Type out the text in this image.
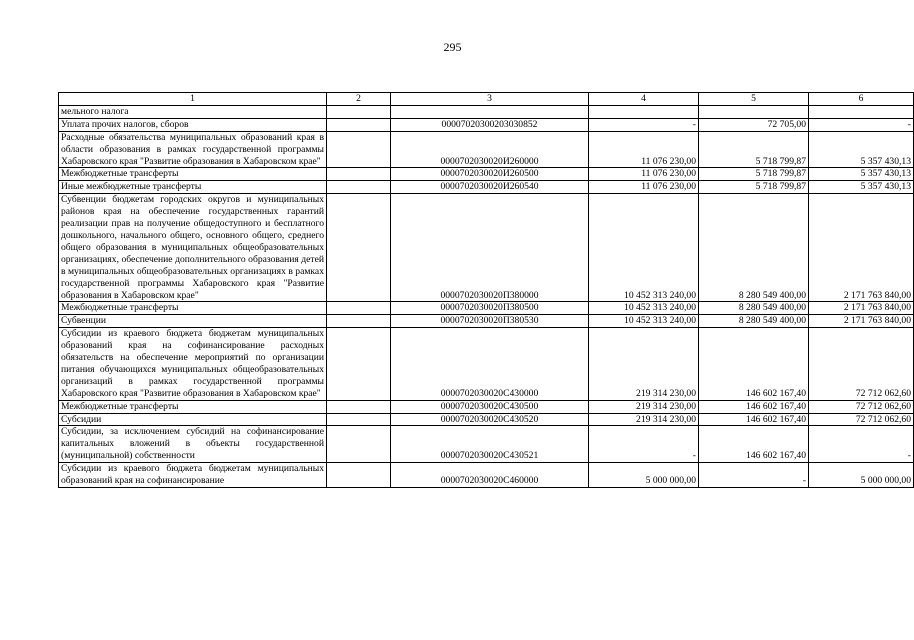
295
1	2	3	4	5	6
мельного налога					
Уплата прочих налогов, сборов		00007020300203030852	-	72 705,00	-
Расходные обязательства муниципальных образований края в области образования в рамках государственной программы Хабаровского края "Развитие образования в Хабаровском крае"		0000702030020И260000	11 076 230,00	5 718 799,87	5 357 430,13
Межбюджетные трансферты		0000702030020И260500	11 076 230,00	5 718 799,87	5 357 430,13
Иные межбюджетные трансферты		0000702030020И260540	11 076 230,00	5 718 799,87	5 357 430,13
Субвенции бюджетам городских округов и муниципальных районов края на обеспечение государственных гарантий реализации прав на получение общедоступного и бесплатного дошкольного, начального общего, основного общего, среднего общего образования в муниципальных общеобразовательных организациях, обеспечение дополнительного образования детей в муниципальных общеобразовательных организациях в рамках государственной программы Хабаровского края "Развитие образования в Хабаровском крае"		0000702030020П380000	10 452 313 240,00	8 280 549 400,00	2 171 763 840,00
Межбюджетные трансферты		0000702030020П380500	10 452 313 240,00	8 280 549 400,00	2 171 763 840,00
Субвенции		0000702030020П380530	10 452 313 240,00	8 280 549 400,00	2 171 763 840,00
Субсидии из краевого бюджета бюджетам муниципальных образований края на софинансирование расходных обязательств на обеспечение мероприятий по организации питания обучающихся муниципальных общеобразовательных организаций в рамках государственной программы Хабаровского края "Развитие образования в Хабаровском крае"		0000702030020С430000	219 314 230,00	146 602 167,40	72 712 062,60
Межбюджетные трансферты		0000702030020С430500	219 314 230,00	146 602 167,40	72 712 062,60
Субсидии		0000702030020С430520	219 314 230,00	146 602 167,40	72 712 062,60
Субсидии, за исключением субсидий на софинансирование капитальных вложений в объекты государственной (муниципальной) собственности		0000702030020С430521	-	146 602 167,40	-
Субсидии из краевого бюджета бюджетам муниципальных образований края на софинансирование		0000702030020С460000	5 000 000,00	-	5 000 000,00
